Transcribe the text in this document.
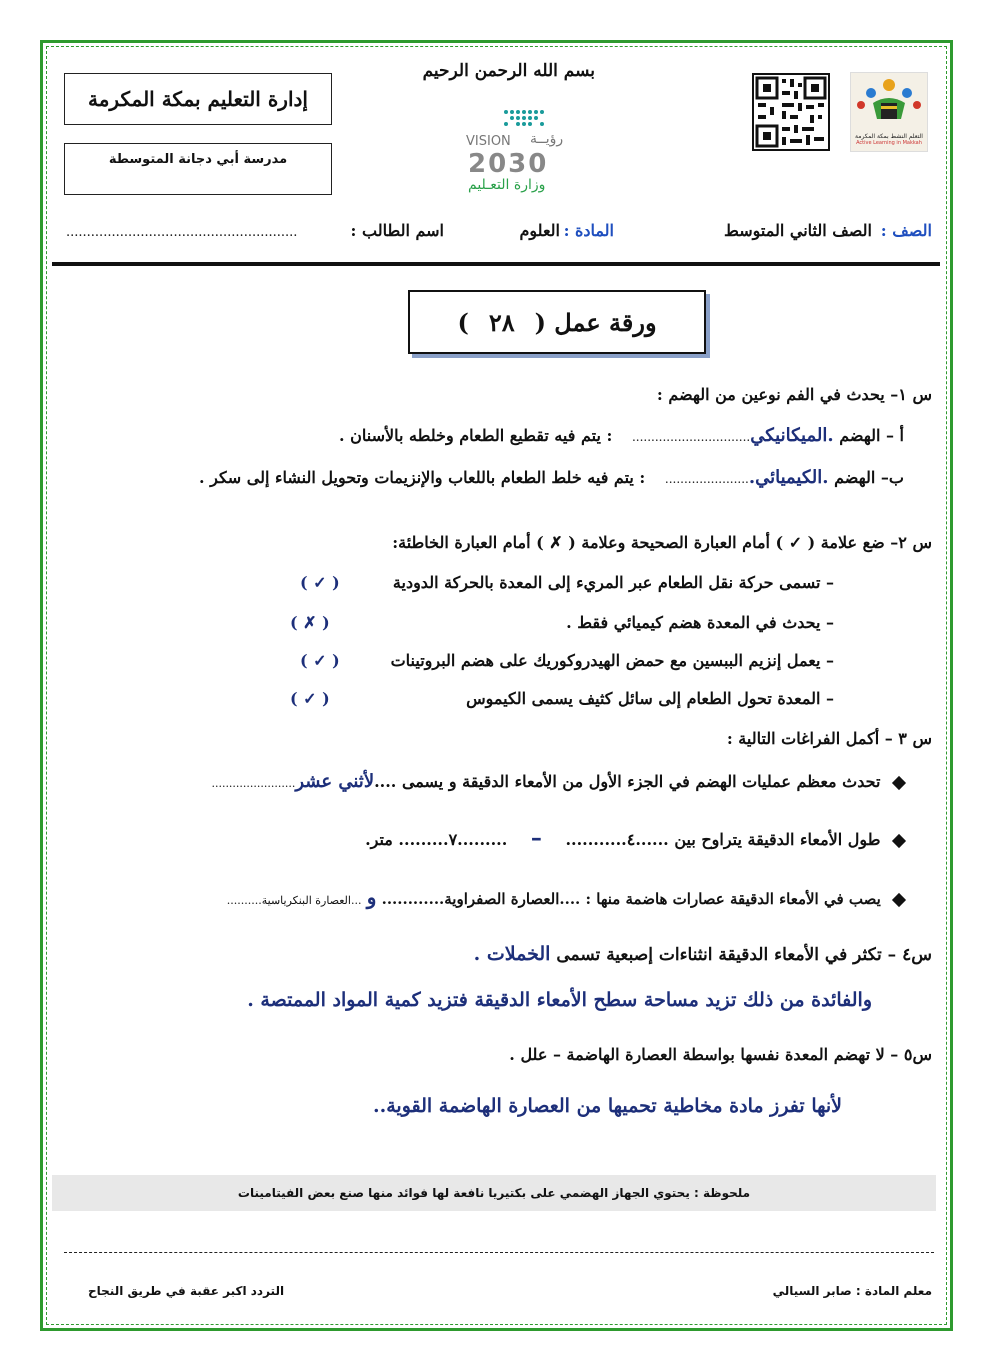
إدارة التعليم بمكة المكرمة
مدرسة أبي دجانة المتوسطة
بسم الله الرحمن الرحيم
VISION رؤيــة
2030
وزارة التعـليم
التعلم النشط بمكة المكرمة
Active Learning in Makkah
الصف :
الصف الثاني المتوسط
المادة :
العلوم
اسم الطالب :
........................................................
ورقة عمل (
٢٨
)
س ١– يحدث في الفم نوعين من الهضم :
أ – الهضم .الميكانيكي............................... : يتم فيه تقطيع الطعام وخلطه بالأسنان .
ب– الهضم .الكيميائي....................... : يتم فيه خلط الطعام باللعاب والإنزيمات وتحويل النشاء إلى سكر .
س ٢– ضع علامة ( ✓ ) أمام العبارة الصحيحة وعلامة ( ✗ ) أمام العبارة الخاطئة:
– تسمى حركة نقل الطعام عبر المريء إلى المعدة بالحركة الدودية
( ✓ )
– يحدث في المعدة هضم كيميائي فقط .
( ✗ )
– يعمل إنزيم الببسين مع حمض الهيدروكوريك على هضم البروتينات
( ✓ )
– المعدة تحول الطعام إلى سائل كثيف يسمى الكيموس
( ✓ )
س ٣ – أكمل الفراغات التالية :
تحدث معظم عمليات الهضم في الجزء الأول من الأمعاء الدقيقة و يسمى ....لأثني عشر........................
طول الأمعاء الدقيقة يتراوح بين ......٤........... – .........٧......... متر.
يصب في الأمعاء الدقيقة عصارات هاضمة منها : ....العصارة الصفراوية............ و ...العصارة البنكرياسية..........
س٤ – تكثر في الأمعاء الدقيقة انثناءات إصبعية تسمى الخملات .
والفائدة من ذلك تزيد مساحة سطح الأمعاء الدقيقة فتزيد كمية المواد الممتصة .
س٥ – لا تهضم المعدة نفسها بواسطة العصارة الهاضمة – علل .
لأنها تفرز مادة مخاطية تحميها من العصارة الهاضمة القوية..
ملحوظة : يحتوي الجهاز الهضمي على بكتيريا نافعة لها فوائد منها صنع بعض الفيتامينات
معلم المادة : صابر السيالي
التردد اكبر عقبة في طريق النجاح
